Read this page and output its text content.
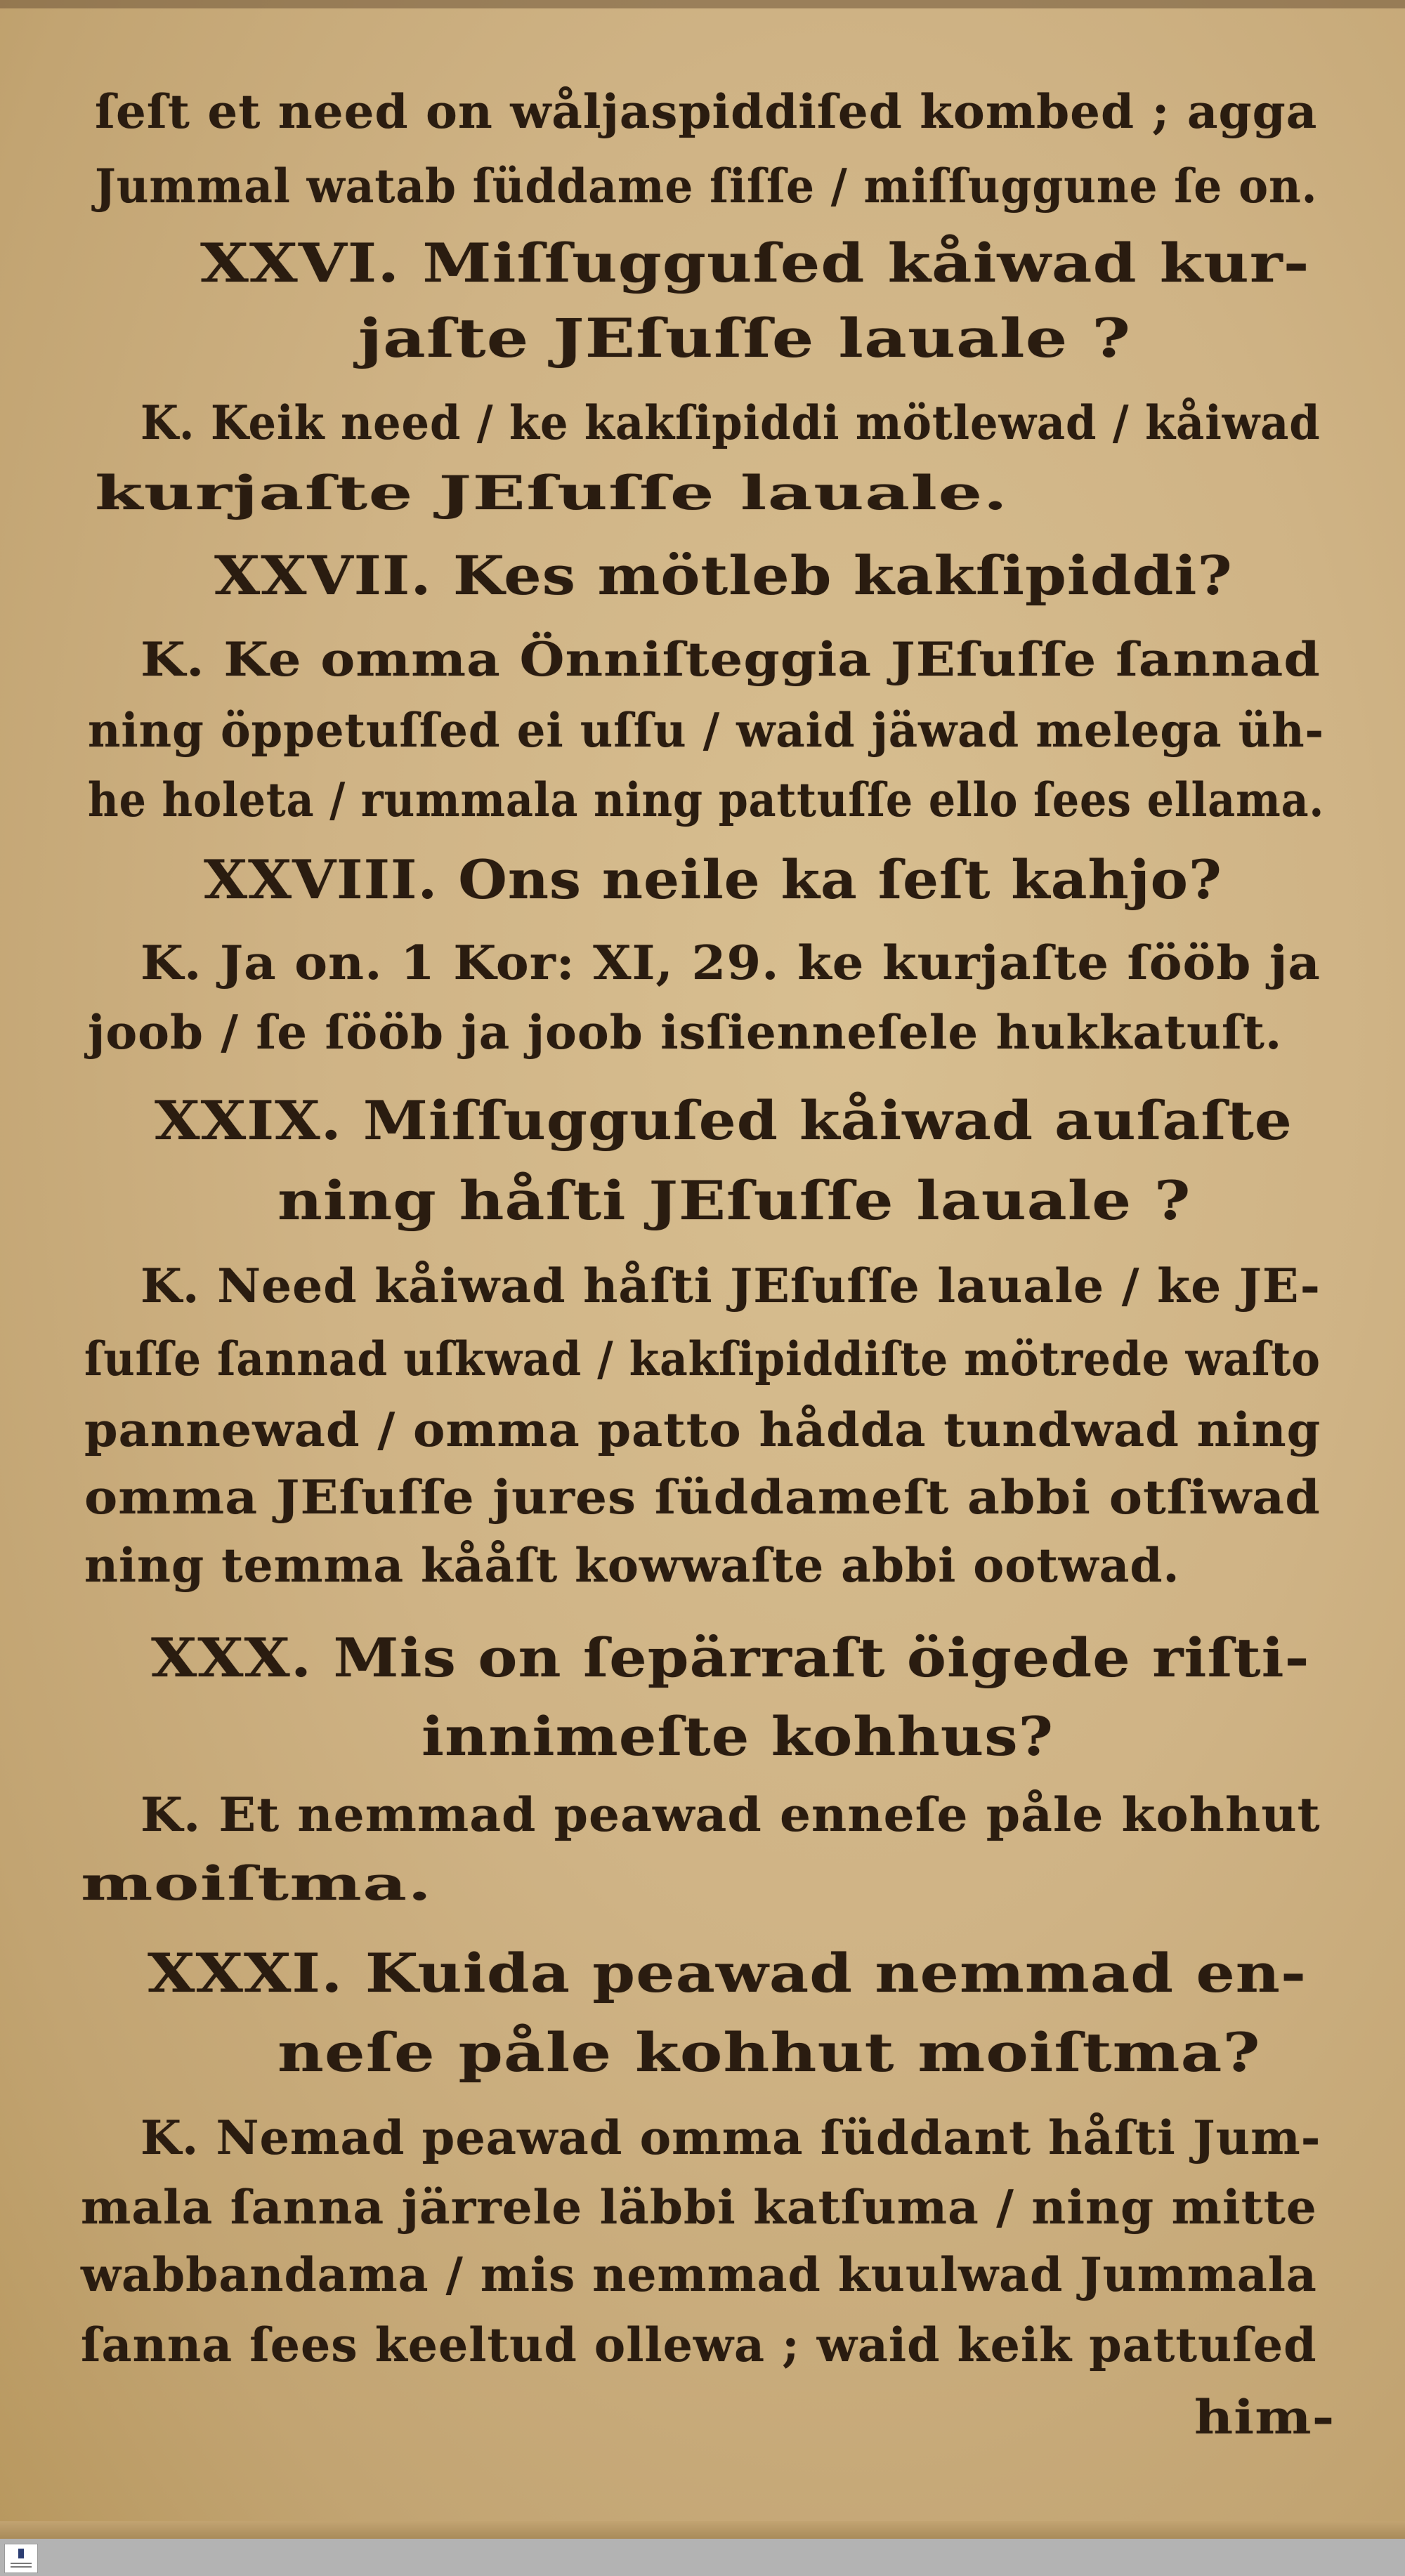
ſeſt et need on wåljaspiddiſed kombed ; agga

Jummal watab ſüddame ſiſſe / miſſuggune ſe on.

XXVI. Miſſugguſed kåiwad kur-

jaſte JEſuſſe lauale ?

K. Keik need / ke kakſipiddi mötlewad / kåiwad

kurjaſte JEſuſſe lauale.

XXVII. Kes mötleb kakſipiddi?

K. Ke omma Önniſteggia JEſuſſe ſannad

ning öppetuſſed ei uſſu / waid jäwad melega üh-

he holeta / rummala ning pattuſſe ello ſees ellama.

XXVIII. Ons neile ka ſeſt kahjo?

K. Ja on. 1 Kor: XI, 29. ke kurjaſte ſööb ja

joob / ſe ſööb ja joob isſienneſele hukkatuſt.

XXIX. Miſſugguſed kåiwad auſaſte

ning håſti JEſuſſe lauale ?

K. Need kåiwad håſti JEſuſſe lauale / ke JE-

ſuſſe ſannad uſkwad / kakſipiddiſte mötrede waſto

pannewad / omma patto hådda tundwad ning

omma JEſuſſe jures ſüddameſt abbi otſiwad

ning temma kååſt kowwaſte abbi ootwad.

XXX. Mis on ſepärraſt öigede riſti-

innimeſte kohhus?

K. Et nemmad peawad enneſe påle kohhut

moiſtma.

XXXI. Kuida peawad nemmad en-

neſe påle kohhut moiſtma?

K. Nemad peawad omma ſüddant håſti Jum-

mala ſanna järrele läbbi katſuma / ning mitte

wabbandama / mis nemmad kuulwad Jummala

ſanna ſees keeltud ollewa ; waid keik pattuſed

him-
